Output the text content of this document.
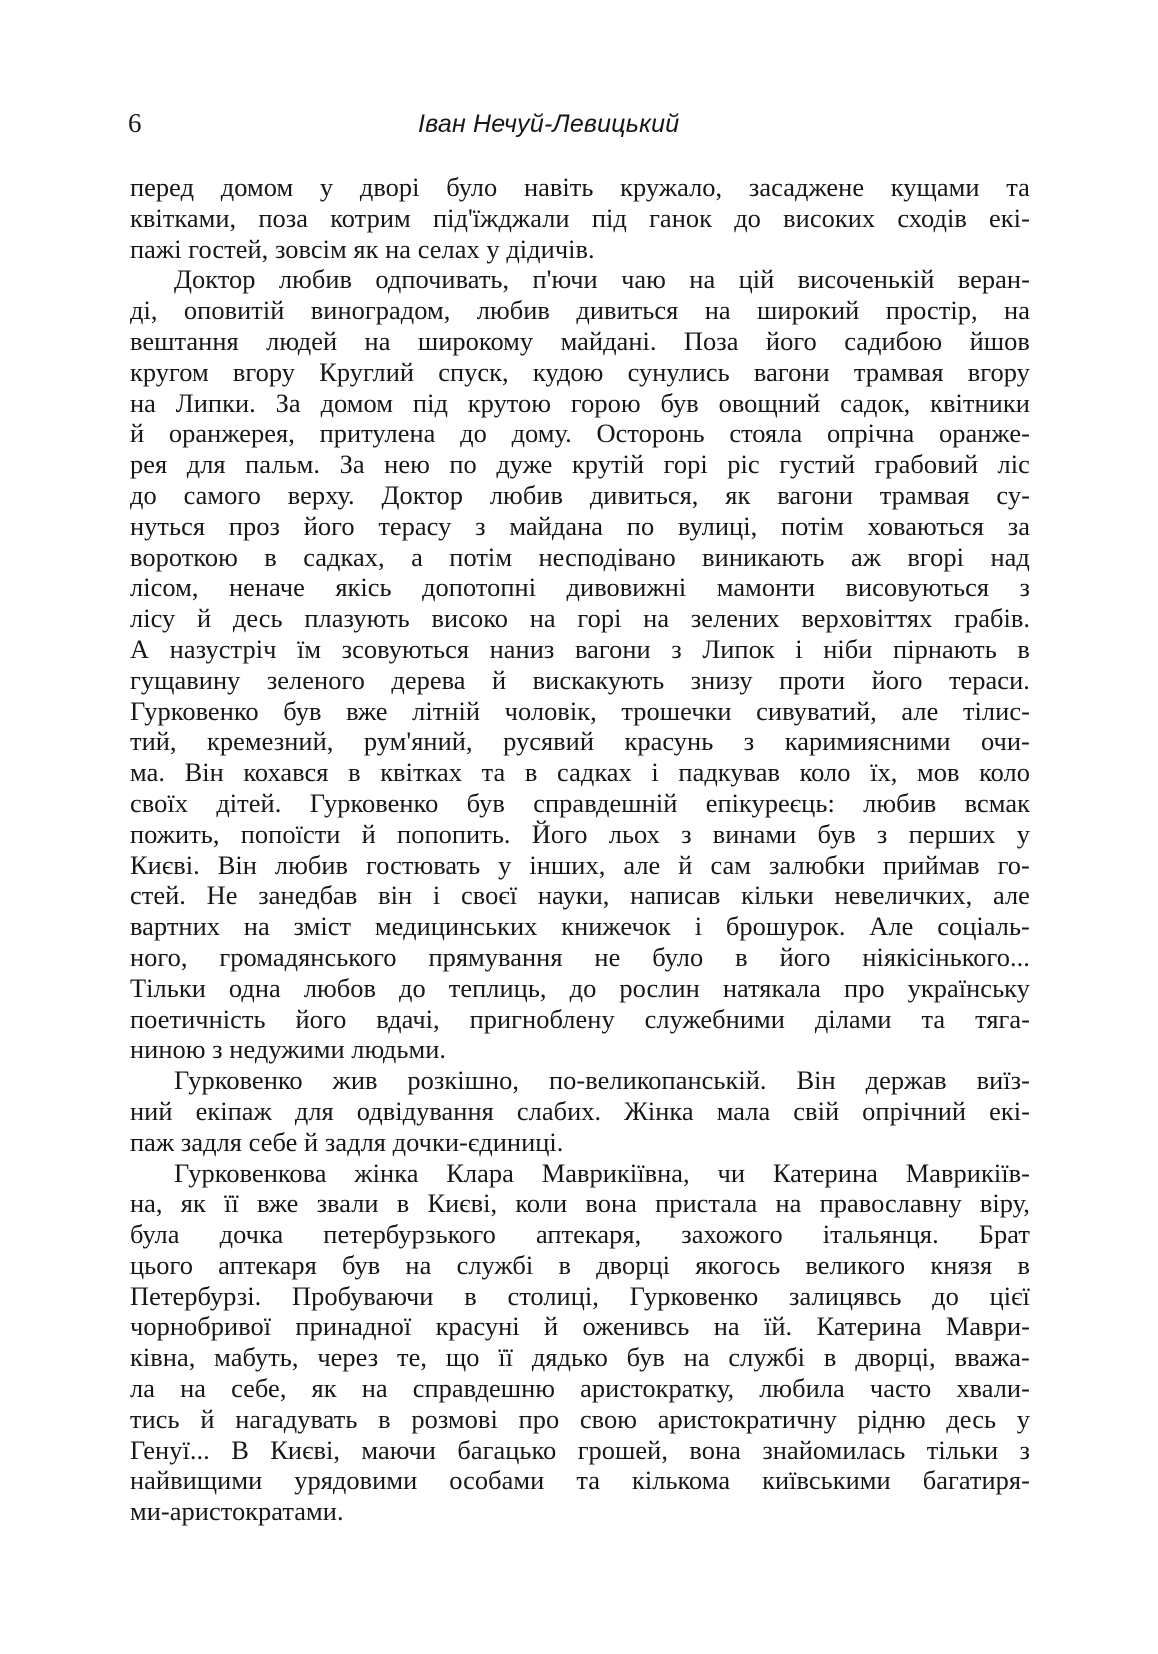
6	Іван Нечуй-Левицький
перед домом у дворі було навіть кружало, засаджене кущами та
квітками, поза котрим під'їжджали під ганок до високих сходів екі-
пажі гостей, зовсім як на селах у дідичів.
Доктор любив одпочивать, п'ючи чаю на цій височенькій веран-
ді, оповитій виноградом, любив дивиться на широкий простір, на
вештання людей на широкому майдані. Поза його садибою йшов
кругом вгору Круглий спуск, кудою сунулись вагони трамвая вгору
на Липки. За домом під крутою горою був овощний садок, квітники
й оранжерея, притулена до дому. Осторонь стояла опрічна оранже-
рея для пальм. За нею по дуже крутій горі ріс густий грабовий ліс
до самого верху. Доктор любив дивиться, як вагони трамвая су-
нуться проз його терасу з майдана по вулиці, потім ховаються за
вороткою в садках, а потім несподівано виникають аж вгорі над
лісом, неначе якісь допотопні дивовижні мамонти висовуються з
лісу й десь плазують високо на горі на зелених верховіттях грабів.
А назустріч їм зсовуються наниз вагони з Липок і ніби пірнають в
гущавину зеленого дерева й вискакують знизу проти його тераси.
Гурковенко був вже літній чоловік, трошечки сивуватий, але тілис-
тий, кремезний, рум'яний, русявий красунь з каримиясними очи-
ма. Він кохався в квітках та в садках і падкував коло їх, мов коло
своїх дітей. Гурковенко був справдешній епікуреєць: любив всмак
пожить, попоїсти й попопить. Його льох з винами був з перших у
Києві. Він любив гостювать у інших, але й сам залюбки приймав го-
стей. Не занедбав він і своєї науки, написав кільки невеличких, але
вартних на зміст медицинських книжечок і брошурок. Але соціаль-
ного, громадянського прямування не було в його ніякісінького...
Тільки одна любов до теплиць, до рослин натякала про українську
поетичність його вдачі, пригноблену служебними ділами та тяга-
ниною з недужими людьми.
Гурковенко жив розкішно, по-великопанській. Він держав виїз-
ний екіпаж для одвідування слабих. Жінка мала свій опрічний екі-
паж задля себе й задля дочки-єдиниці.
Гурковенкова жінка Клара Маврикіївна, чи Катерина Маврикіїв-
на, як її вже звали в Києві, коли вона пристала на православну віру,
була дочка петербурзького аптекаря, захожого італьянця. Брат
цього аптекаря був на службі в дворці якогось великого князя в
Петербурзі. Пробуваючи в столиці, Гурковенко залицявсь до цієї
чорнобривої принадної красуні й оженивсь на їй. Катерина Маври-
ківна, мабуть, через те, що її дядько був на службі в дворці, вважа-
ла на себе, як на справдешню аристократку, любила часто хвали-
тись й нагадувать в розмові про свою аристократичну рідню десь у
Генуї... В Києві, маючи багацько грошей, вона знайомилась тільки з
найвищими урядовими особами та кількома київськими багатиря-
ми-аристократами.
